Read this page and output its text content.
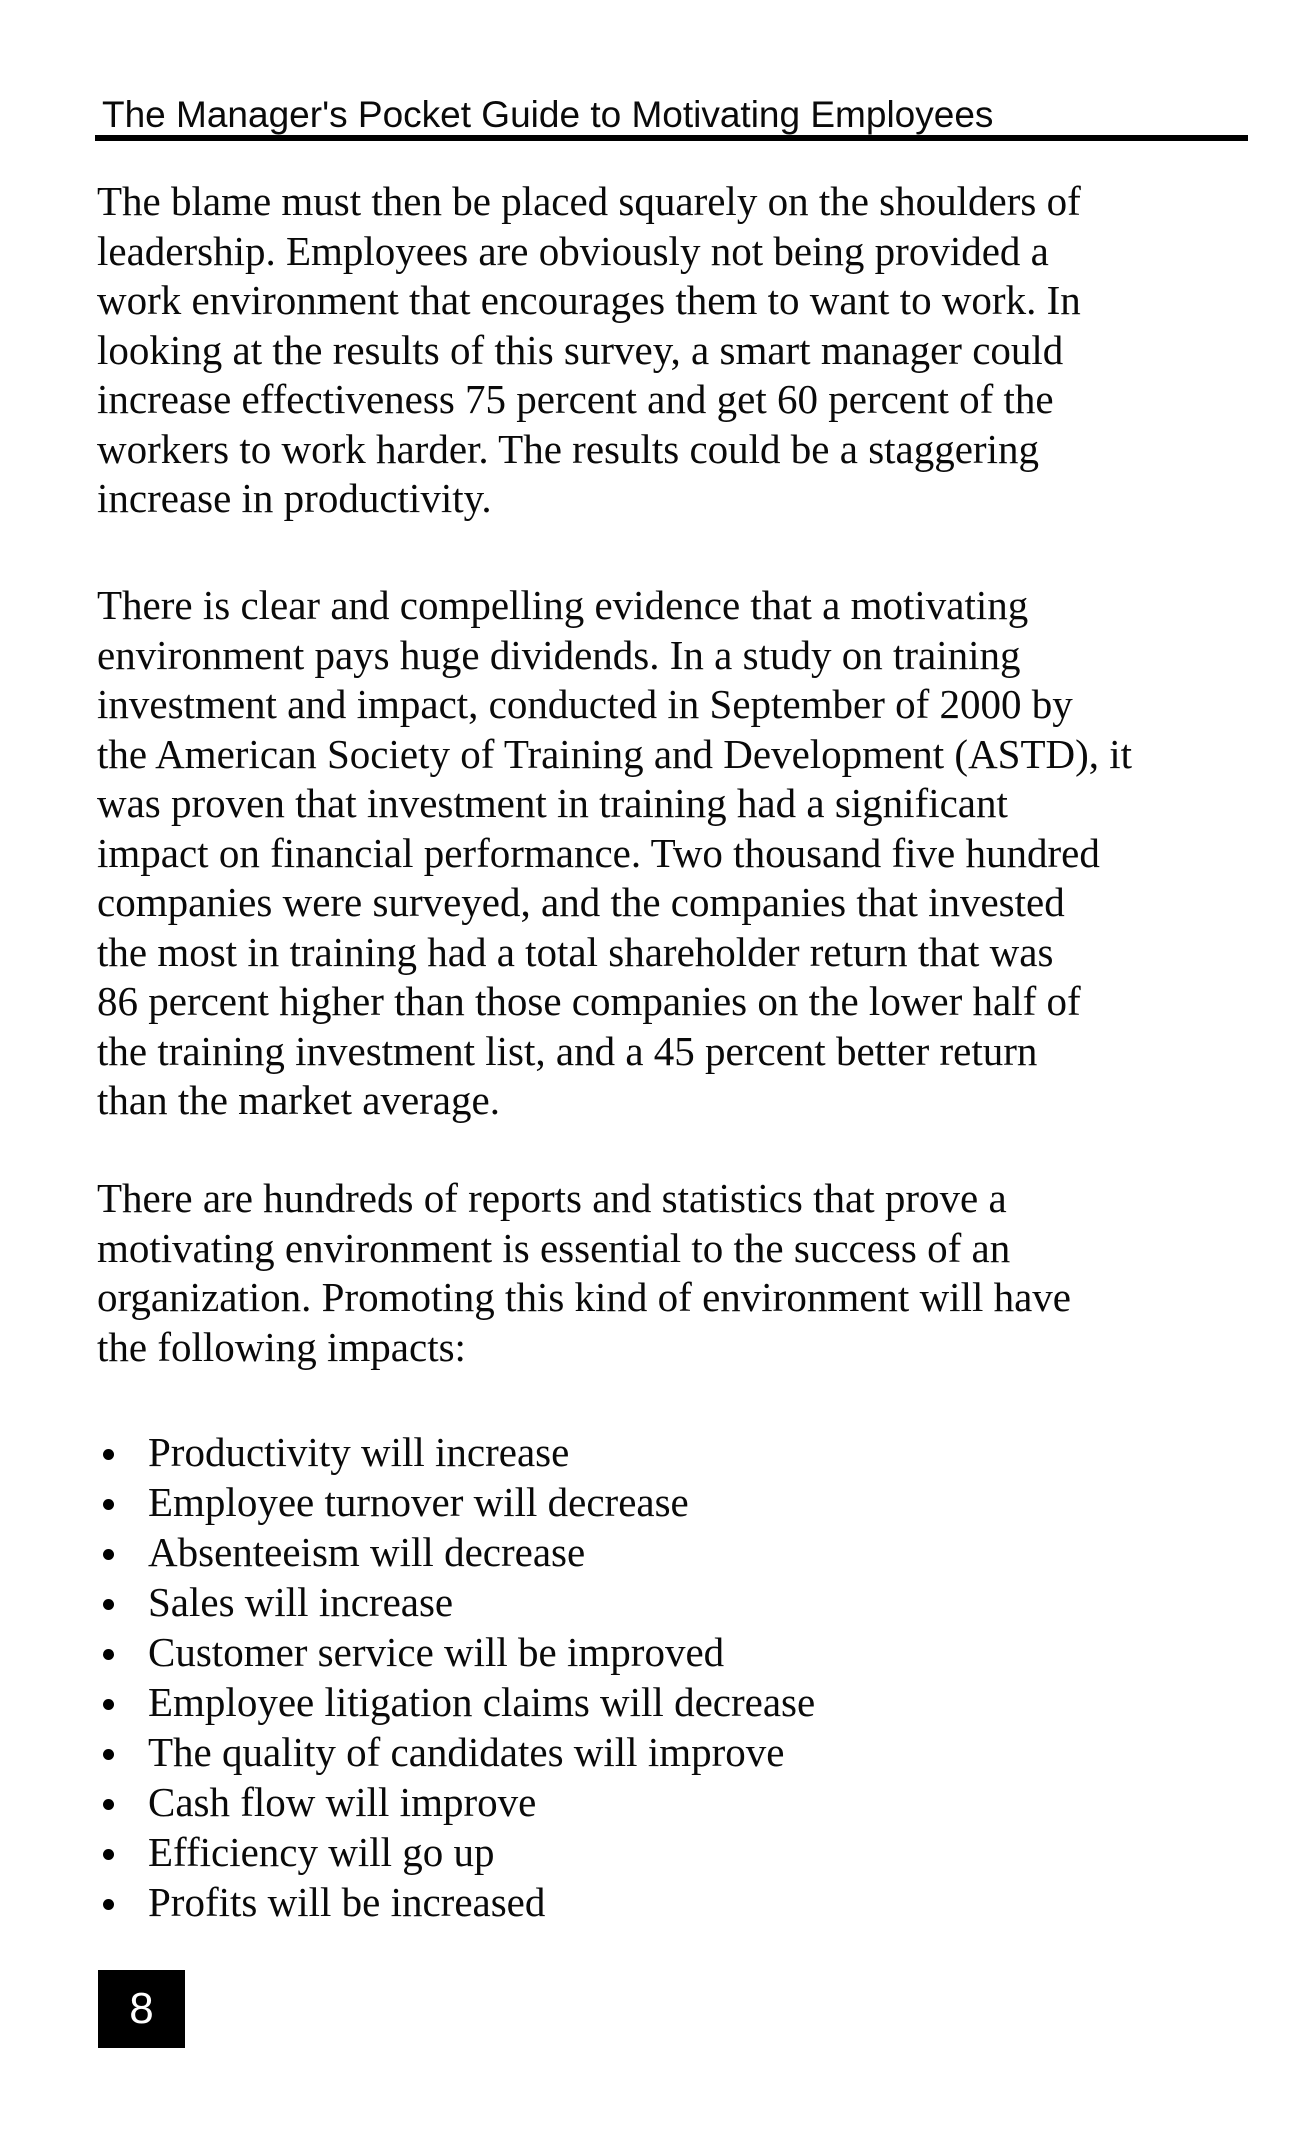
The Manager's Pocket Guide to Motivating Employees
The blame must then be placed squarely on the shoulders of
leadership. Employees are obviously not being provided a
work environment that encourages them to want to work. In
looking at the results of this survey, a smart manager could
increase effectiveness 75 percent and get 60 percent of the
workers to work harder. The results could be a staggering
increase in productivity.
There is clear and compelling evidence that a motivating
environment pays huge dividends. In a study on training
investment and impact, conducted in September of 2000 by
the American Society of Training and Development (ASTD), it
was proven that investment in training had a significant
impact on financial performance. Two thousand five hundred
companies were surveyed, and the companies that invested
the most in training had a total shareholder return that was
86 percent higher than those companies on the lower half of
the training investment list, and a 45 percent better return
than the market average.
There are hundreds of reports and statistics that prove a
motivating environment is essential to the success of an
organization. Promoting this kind of environment will have
the following impacts:
Productivity will increase
Employee turnover will decrease
Absenteeism will decrease
Sales will increase
Customer service will be improved
Employee litigation claims will decrease
The quality of candidates will improve
Cash flow will improve
Efficiency will go up
Profits will be increased
8
